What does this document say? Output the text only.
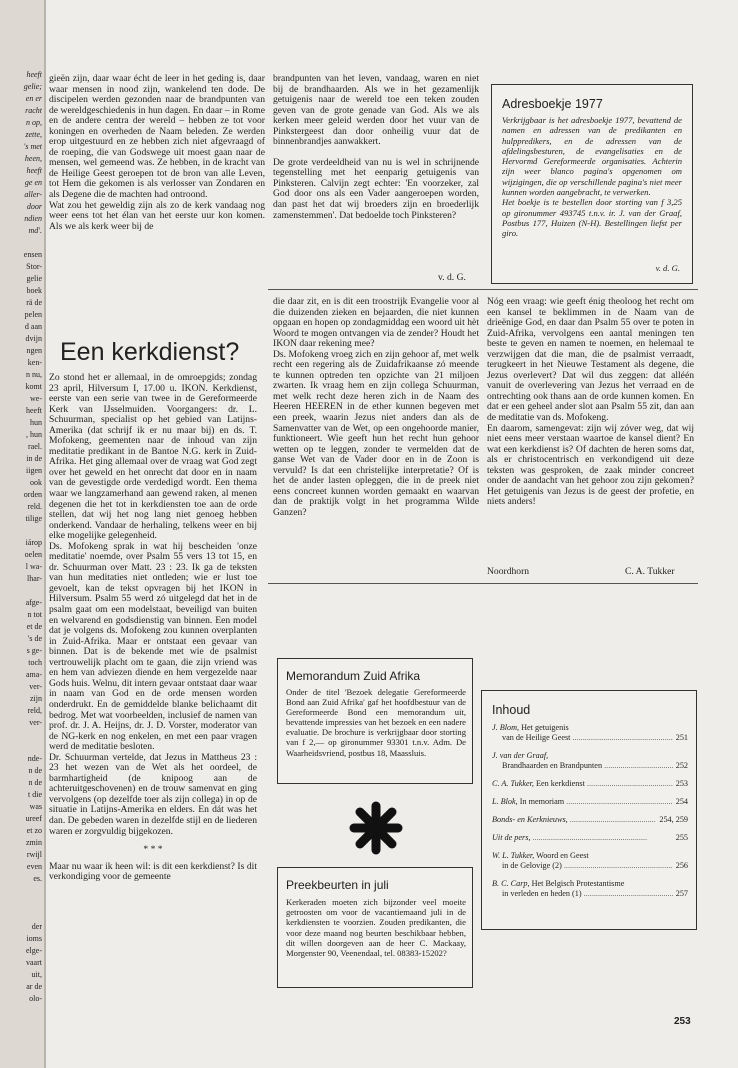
heeft
gelie;
en er
racht
n op,
zette,
's met
heen,
heeft
ge en
aller-
door
ndien
md'.
ensen
Stor-
gelie
boek
rä de
pelen
d aan
dvijn
ngen
ken-
n nu,
komt
we-
heeft
hun
, hun
rael.
in de
iigen
ook
orden
reld.
tilige
iárop
oelen
l wa-
lhar-
afge-
n tot
et de
's de
s ge-
toch
ama-
ver-
zijn
reld,
ver-
nde-
n de
n de
t die
was
ureef
et zo
zmin
rwijl
even
es.
der
ioms
elge-
vaart
uit,
ar de
olo-

gieën zijn, daar waar écht de leer in het geding is, daar waar mensen in nood zijn, wankelend ten dode. De discipelen werden gezonden naar de brandpunten van de wereldgeschiedenis in hun dagen. En daar – in Rome en de andere centra der wereld – hebben ze tot voor koningen en overheden de Naam beleden. Ze werden erop uitgestuurd en ze hebben zich niet afgevraagd of de roeping, die van Godswege uit moest gaan naar de mensen, wel gemeend was. Ze hebben, in de kracht van de Heilige Geest geroepen tot de bron van alle Leven, tot Hem die gekomen is als verlosser van Zondaren en als Degene die de machten had ontroond.

Wat zou het geweldig zijn als zo de kerk vandaag nog weer eens tot het élan van het eerste uur kon komen. Als we als kerk weer bij de

brandpunten van het leven, vandaag, waren en niet bij de brandhaarden. Als we in het gezamenlijk getuigenis naar de wereld toe een teken zouden geven van de grote genade van God. Als we als kerken meer geleid werden door het vuur van de Pinkstergeest dan door onheilig vuur dat de binnenbrandjes aanwakkert.

De grote verdeeldheid van nu is wel in schrijnende tegenstelling met het eenparig getuigenis van Pinksteren. Calvijn zegt echter: 'En voorzeker, zal God door ons als een Vader aangeroepen worden, dan past het dat wij broeders zijn en broederlijk zamenstemmen'. Dat bedoelde toch Pinksteren?

v. d. G.
Adresboekje 1977

Verkrijgbaar is het adresboekje 1977, bevattend de namen en adressen van de predikanten en hulppredikers, en de adressen van de afdelingsbesturen, de evangelisaties en de Hervormd Gereformeerde organisaties. Achterin zijn weer blanco pagina's opgenomen om wijzigingen, die op verschillende pagina's niet meer kunnen worden aangebracht, te verwerken.

Het boekje is te bestellen door storting van f 3,25 op gironummer 493745 t.n.v. ir. J. van der Graaf, Postbus 177, Huizen (N-H). Bestellingen liefst per giro.

v. d. G.
Een kerkdienst?

Zo stond het er allemaal, in de omroepgids; zondag 23 april, Hilversum I, 17.00 u. IKON. Kerkdienst, eerste van een serie van twee in de Gereformeerde Kerk van IJsselmuiden. Voorgangers: dr. L. Schuurman, specialist op het gebied van Latijns-Amerika (dat schrijf ik er nu maar bij) en ds. T. Mofokeng, geementen naar de inhoud van zijn meditatie predikant in de Bantoe N.G. kerk in Zuid-Afrika. Het ging allemaal over de vraag wat God zegt over het geweld en het onrecht dat door en in naam van de gevestigde orde verdedigd wordt. Een thema waar we langzamerhand aan gewend raken, al menen degenen die het tot in kerkdiensten toe aan de orde stellen, dat wij het nog lang niet genoeg hebben onderkend. Vandaar de herhaling, telkens weer en bij elke mogelijke gelegenheid.

Ds. Mofokeng sprak in wat hij bescheiden 'onze meditatie' noemde, over Psalm 55 vers 13 tot 15, en dr. Schuurman over Matt. 23 : 23. Ik ga de teksten van hun meditaties niet ontleden; wie er lust toe gevoelt, kan de tekst opvragen bij het IKON in Hilversum. Psalm 55 werd zó uitgelegd dat het in de psalm gaat om een modelstaat, beveiligd van buiten en welvarend en godsdienstig van binnen. Een model dat je volgens ds. Mofokeng zou kunnen overplanten in Zuid-Afrika. Maar er ontstaat een gevaar van binnen. Dat is de bekende met wie de psalmist vertrouwelijk placht om te gaan, die zijn vriend was en hem van adviezen diende en hem vergezelde naar Gods huis. Welnu, dit intern gevaar ontstaat daar waar in naam van God en de orde mensen worden onderdrukt. En de gemiddelde blanke belichaamt dit bedrog. Met wat voorbeelden, inclusief de namen van prof. dr. J. A. Heijns, dr. J. D. Vorster, moderator van de NG-kerk en nog enkelen, en met een paar vragen werd de meditatie besloten.

Dr. Schuurman vertelde, dat Jezus in Mattheus 23 : 23 het wezen van de Wet als het oordeel, de barmhartigheid (de knipoog aan de achteruitgeschovenen) en de trouw samenvat en ging vervolgens (op dezelfde toer als zijn collega) in op de situatie in Latijns-Amerika en elders. En dát was het dan. De gebeden waren in dezelfde stijl en de liederen waren er zorgvuldig bijgekozen.

* * *

Maar nu waar ik heen wil: is dit een kerkdienst? Is dit verkondiging voor de gemeente

die daar zit, en is dit een troostrijk Evangelie voor al die duizenden zieken en bejaarden, die niet kunnen opgaan en hopen op zondagmiddag een woord uit hèt Woord te mogen ontvangen via de zender? Houdt het IKON daar rekening mee?

Ds. Mofokeng vroeg zich en zijn gehoor af, met welk recht een regering als de Zuidafrikaanse zó meende te kunnen optreden ten opzichte van 21 miljoen zwarten. Ik vraag hem en zijn collega Schuurman, met welk recht deze heren zich in de Naam des Heeren HEEREN in de ether kunnen begeven met een preek, waarin Jezus niet anders dan als de Samenvatter van de Wet, op een ongehoorde manier, funktioneert. Wie geeft hun het recht hun gehoor wetten op te leggen, zonder te vermelden dat de ganse Wet van de Vader door en in de Zoon is vervuld? Is dat een christelijke interpretatie? Of is het de ander lasten opleggen, die in de preek niet eens concreet kunnen worden gemaakt en waarvan dan de praktijk volgt in het programma Wilde Ganzen?

Nóg een vraag: wie geeft énig theoloog het recht om een kansel te beklimmen in de Naam van de drieënige God, en daar dan Psalm 55 over te poten in Zuid-Afrika, vervolgens een aantal meningen ten beste te geven en namen te noemen, en helemaal te verzwijgen dat die man, die de psalmist verraadt, terugkeert in het Nieuwe Testament als degene, die Jezus overlevert? Dat wil dus zeggen: dat alléén vanuit de overlevering van Jezus het verraad en de ontrechting ook thans aan de orde kunnen komen. En dat er een geheel ander slot aan Psalm 55 zit, dan aan de meditatie van ds. Mofokeng.

En daarom, samengevat: zijn wij zóver weg, dat wij niet eens meer verstaan waartoe de kansel dient? En wat een kerkdienst is? Of dachten de heren soms dat, als er christocentrisch en verkondigend uit deze teksten was gesproken, de zaak minder concreet onder de aandacht van het gehoor zou zijn gekomen? Het getuigenis van Jezus is de geest der profetie, en niets anders!

Noordhorn	C. A. Tukker
Memorandum Zuid Afrika

Onder de titel 'Bezoek delegatie Gereformeerde Bond aan Zuid Afrika' gaf het hoofdbestuur van de Gereformeerde Bond een memorandum uit, bevattende impressies van het bezoek en een nadere evaluatie. De brochure is verkrijgbaar door storting van f 2,— op gironummer 93301 t.n.v. Adm. De Waarheidsvriend, postbus 18, Maassluis.

Preekbeurten in juli

Kerkeraden moeten zich bijzonder veel moeite getroosten om voor de vacantiemaand juli in de kerkdiensten te voorzien. Zouden predikanten, die voor deze maand nog beurten beschikbaar hebben, dit willen doorgeven aan de heer C. Mackaay, Morgenster 90, Veenendaal, tel. 08383-15202?

Inhoud
J. Blom, Het getuigenis
van de Heilige Geest .....	251
J. van der Graaf,
Brandhaarden en Brandpunten .....	252
C. A. Tukker, Een kerkdienst .....	253
L. Blok, In memoriam .....	254
Bonds- en Kerknieuws, .....	254, 259
Uit de pers, .....	255
W. L. Tukker, Woord en Geest
in de Gelovige (2) .....	256
B. C. Carp, Het Belgisch Protestantisme
in verleden en heden (1) .....	257
253
